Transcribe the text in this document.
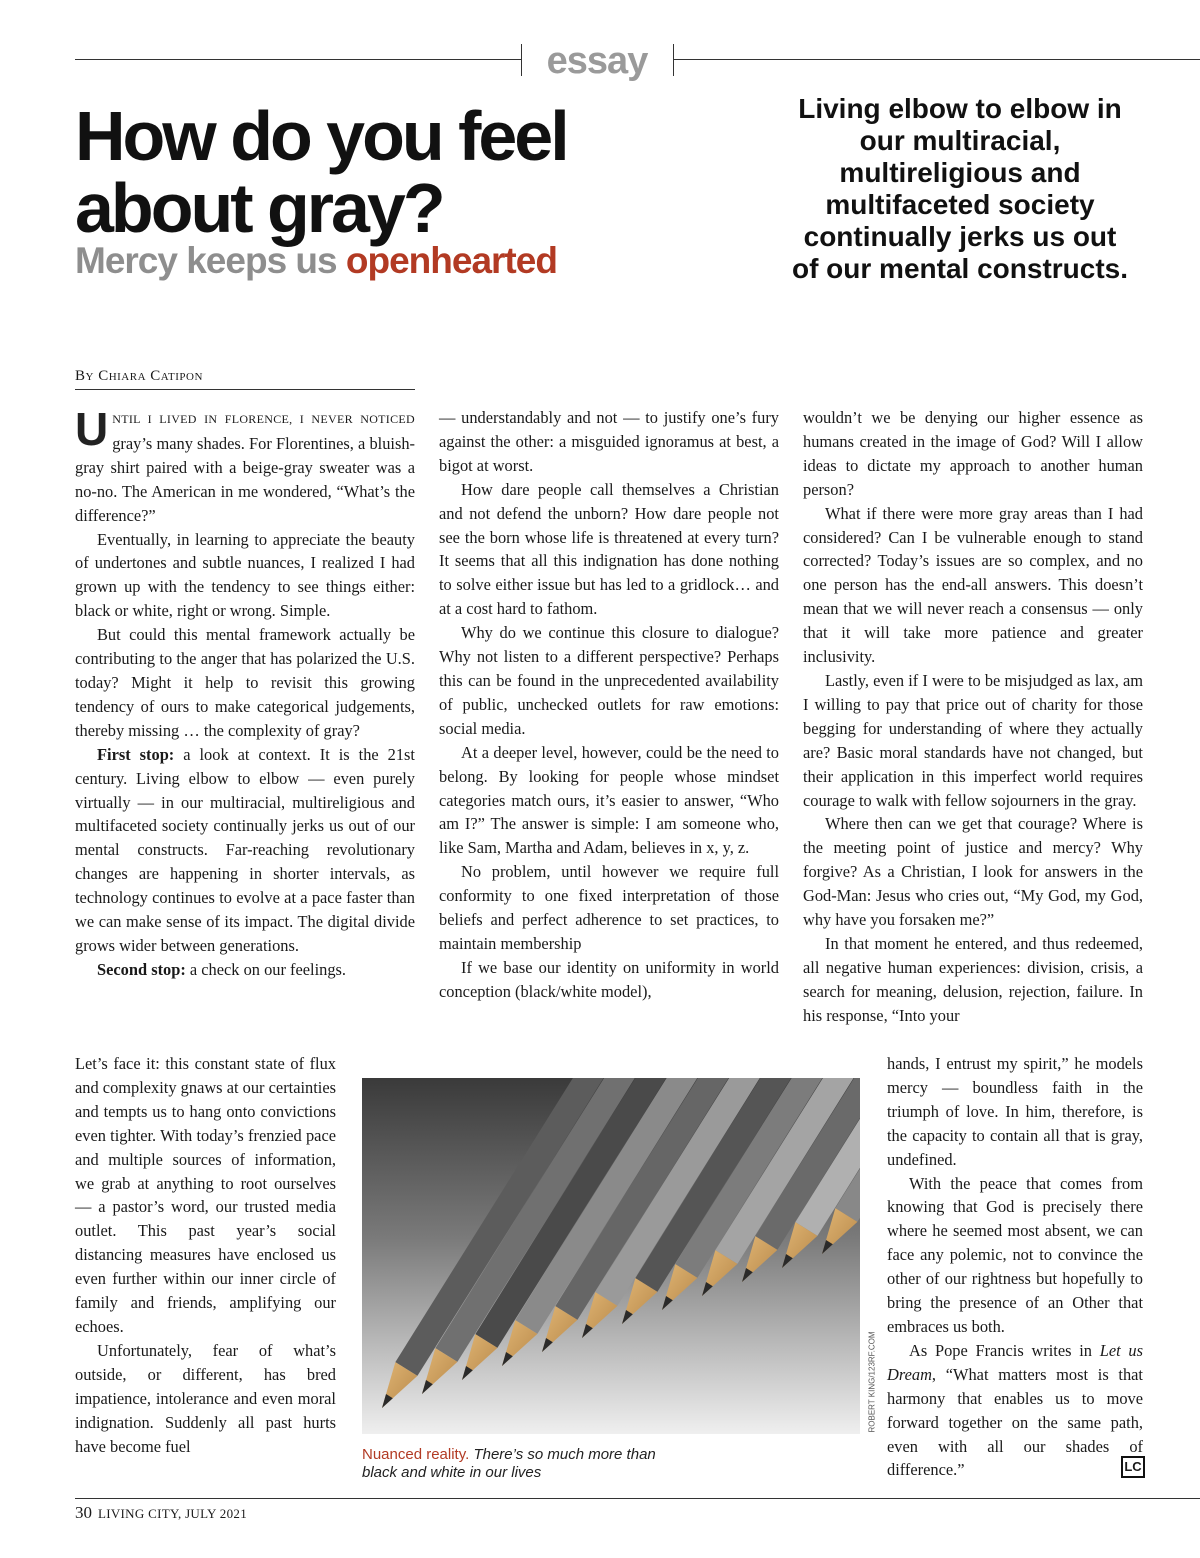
essay
How do you feel about gray?
Mercy keeps us openhearted

Living elbow to elbow in our multiracial, multireligious and multifaceted society continually jerks us out of our mental constructs.

By Chiara Catipon

UNTIL I LIVED IN FLORENCE, I NEVER NOTICED gray’s many shades. For Florentines, a bluish-gray shirt paired with a beige-gray sweater was a no-no. The American in me wondered, “What’s the difference?”

Eventually, in learning to appreciate the beauty of undertones and subtle nuances, I realized I had grown up with the tendency to see things either: black or white, right or wrong. Simple.

But could this mental framework actually be contributing to the anger that has polarized the U.S. today? Might it help to revisit this growing tendency of ours to make categorical judgements, thereby missing … the complexity of gray?

First stop: a look at context. It is the 21st century. Living elbow to elbow — even purely virtually — in our multiracial, multireligious and multifaceted society continually jerks us out of our mental constructs. Far-reaching revolutionary changes are happening in shorter intervals, as technology continues to evolve at a pace faster than we can make sense of its impact. The digital divide grows wider between generations.

Second stop: a check on our feelings.

Let’s face it: this constant state of flux and complexity gnaws at our certainties and tempts us to hang onto convictions even tighter. With today’s frenzied pace and multiple sources of information, we grab at anything to root ourselves — a pastor’s word, our trusted media outlet. This past year’s social distancing measures have enclosed us even further within our inner circle of family and friends, amplifying our echoes.

Unfortunately, fear of what’s outside, or different, has bred impatience, intolerance and even moral indignation. Suddenly all past hurts have become fuel

— understandably and not — to justify one’s fury against the other: a misguided ignoramus at best, a bigot at worst.

How dare people call themselves a Christian and not defend the unborn? How dare people not see the born whose life is threatened at every turn? It seems that all this indignation has done nothing to solve either issue but has led to a gridlock… and at a cost hard to fathom.

Why do we continue this closure to dialogue? Why not listen to a different perspective? Perhaps this can be found in the unprecedented availability of public, unchecked outlets for raw emotions: social media.

At a deeper level, however, could be the need to belong. By looking for people whose mindset categories match ours, it’s easier to answer, “Who am I?” The answer is simple: I am someone who, like Sam, Martha and Adam, believes in x, y, z.

No problem, until however we require full conformity to one fixed interpretation of those beliefs and perfect adherence to set practices, to maintain membership

If we base our identity on uniformity in world conception (black/white model),

wouldn’t we be denying our higher essence as humans created in the image of God? Will I allow ideas to dictate my approach to another human person?

What if there were more gray areas than I had considered? Can I be vulnerable enough to stand corrected? Today’s issues are so complex, and no one person has the end-all answers. This doesn’t mean that we will never reach a consensus — only that it will take more patience and greater inclusivity.

Lastly, even if I were to be misjudged as lax, am I willing to pay that price out of charity for those begging for understanding of where they actually are? Basic moral standards have not changed, but their application in this imperfect world requires courage to walk with fellow sojourners in the gray.

Where then can we get that courage? Where is the meeting point of justice and mercy? Why forgive? As a Christian, I look for answers in the God-Man: Jesus who cries out, “My God, my God, why have you forsaken me?”

In that moment he entered, and thus redeemed, all negative human experiences: division, crisis, a search for meaning, delusion, rejection, failure. In his response, “Into your

hands, I entrust my spirit,” he models mercy — boundless faith in the triumph of love. In him, therefore, is the capacity to contain all that is gray, undefined.

With the peace that comes from knowing that God is precisely there where he seemed most absent, we can face any polemic, not to convince the other of our rightness but hopefully to bring the presence of an Other that embraces us both.

As Pope Francis writes in Let us Dream, “What matters most is that harmony that enables us to move forward together on the same path, even with all our shades of difference.”

ROBERT KING/123RF.COM
Nuanced reality. There’s so much more than black and white in our lives	LC
30 LIVING CITY, JULY 2021
